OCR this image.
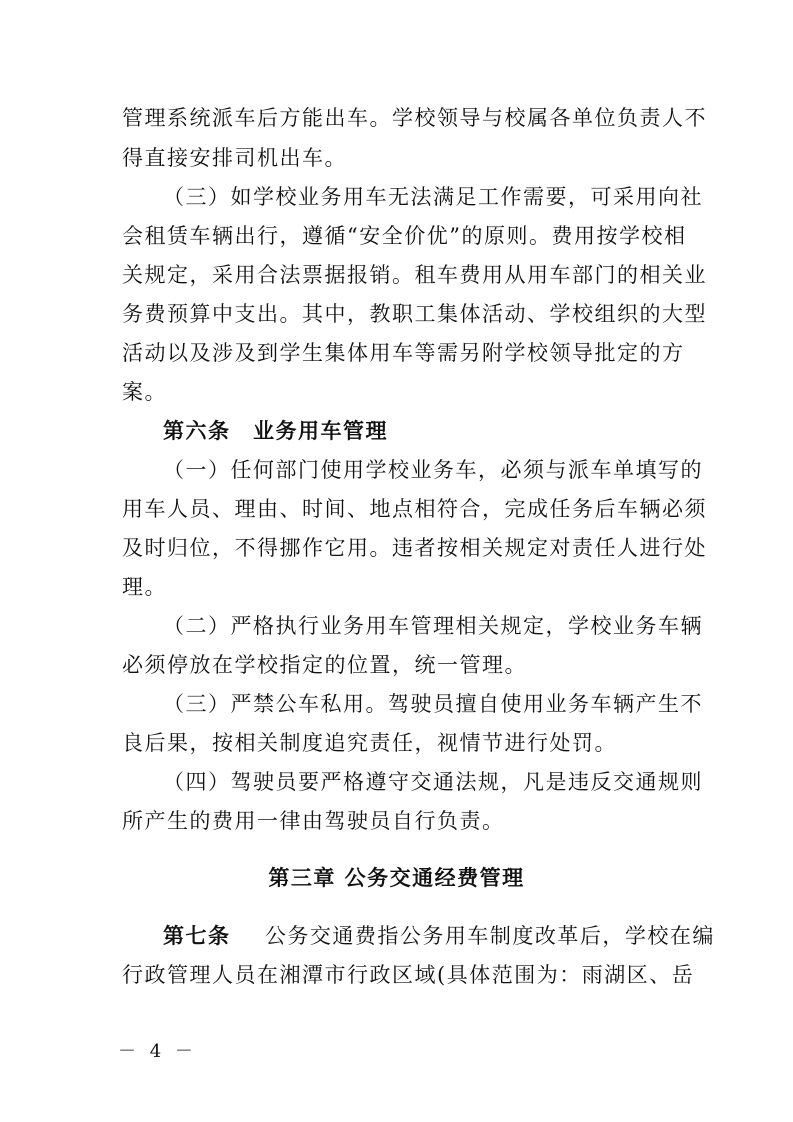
管理系统派车后方能出车。学校领导与校属各单位负责人不
得直接安排司机出车。
（三）如学校业务用车无法满足工作需要，可采用向社
会租赁车辆出行，遵循“安全价优”的原则。费用按学校相
关规定，采用合法票据报销。租车费用从用车部门的相关业
务费预算中支出。其中，教职工集体活动、学校组织的大型
活动以及涉及到学生集体用车等需另附学校领导批定的方
案。
第六条　业务用车管理
（一）任何部门使用学校业务车，必须与派车单填写的
用车人员、理由、时间、地点相符合，完成任务后车辆必须
及时归位，不得挪作它用。违者按相关规定对责任人进行处
理。
（二）严格执行业务用车管理相关规定，学校业务车辆
必须停放在学校指定的位置，统一管理。
（三）严禁公车私用。驾驶员擅自使用业务车辆产生不
良后果，按相关制度追究责任，视情节进行处罚。
（四）驾驶员要严格遵守交通法规，凡是违反交通规则
所产生的费用一律由驾驶员自行负责。
第三章 公务交通经费管理
第七条 公务交通费指公务用车制度改革后，学校在编
行政管理人员在湘潭市行政区域(具体范围为：雨湖区、岳
－ 4 －
